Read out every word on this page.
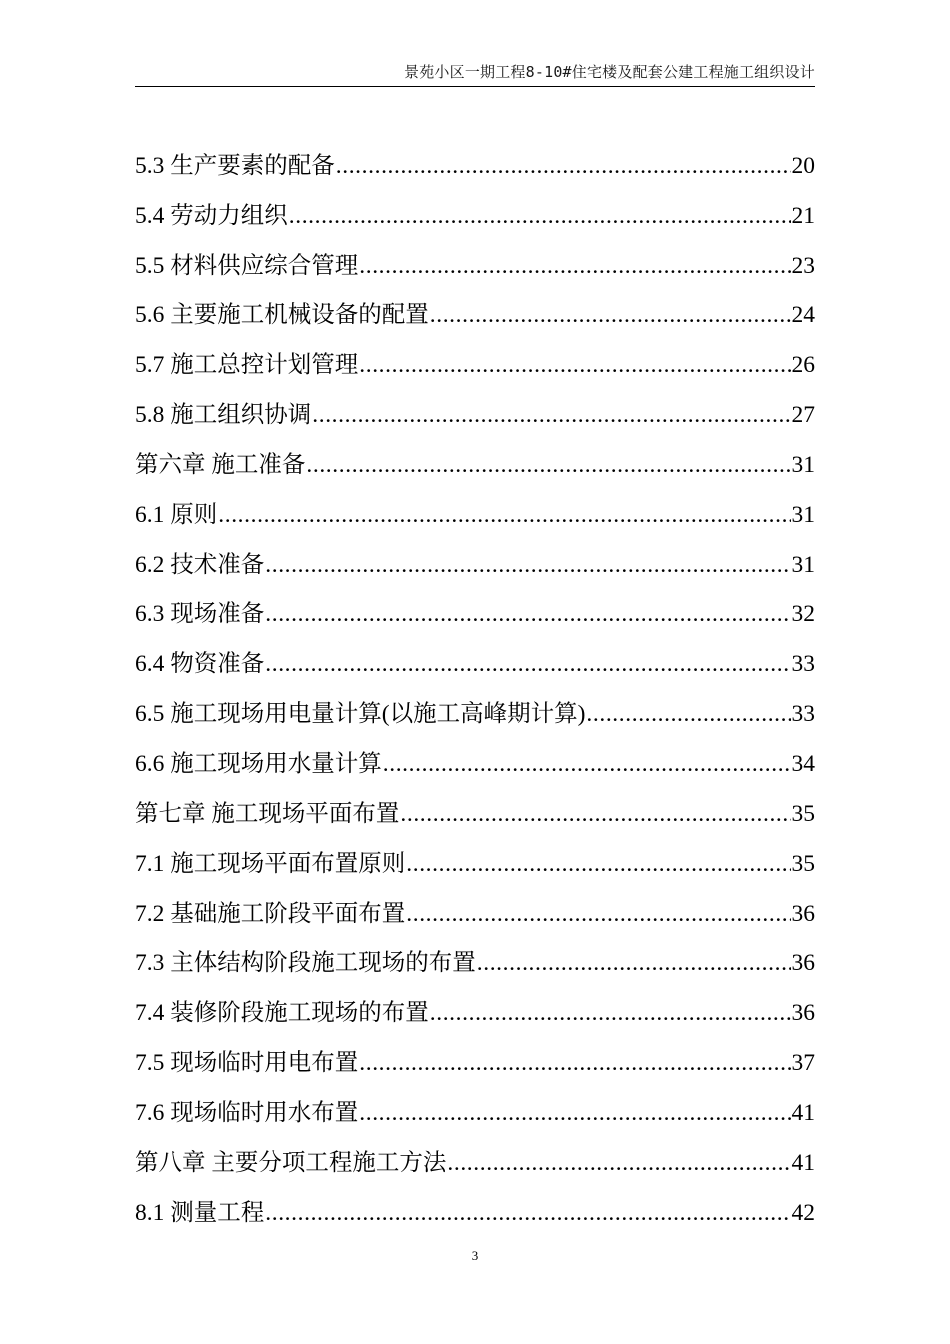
景苑小区一期工程8-10#住宅楼及配套公建工程施工组织设计
5.3 生产要素的配备 .....	20
5.4 劳动力组织 .....	21
5.5 材料供应综合管理 .....	23
5.6 主要施工机械设备的配置 .....	24
5.7 施工总控计划管理 .....	26
5.8 施工组织协调 .....	27
第六章 施工准备 .....	31
6.1 原则 .....	31
6.2 技术准备 .....	31
6.3 现场准备 .....	32
6.4 物资准备 .....	33
6.5 施工现场用电量计算(以施工高峰期计算) .....	33
6.6 施工现场用水量计算 .....	34
第七章 施工现场平面布置 .....	35
7.1 施工现场平面布置原则 .....	35
7.2 基础施工阶段平面布置 .....	36
7.3 主体结构阶段施工现场的布置 .....	36
7.4 装修阶段施工现场的布置 .....	36
7.5 现场临时用电布置 .....	37
7.6 现场临时用水布置 .....	41
第八章 主要分项工程施工方法 .....	41
8.1 测量工程 .....	42
3
